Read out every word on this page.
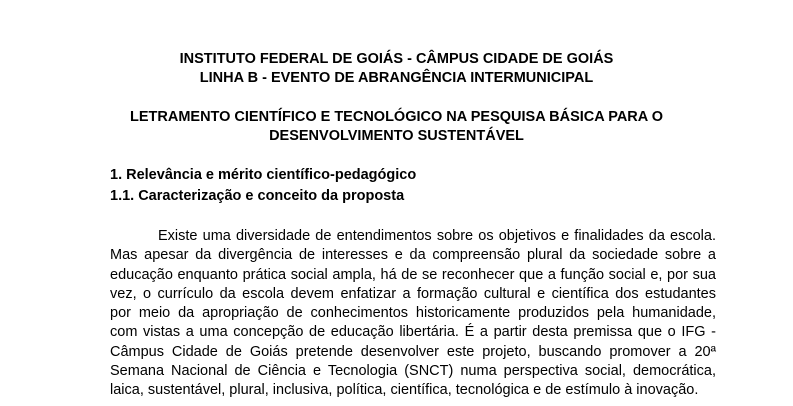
INSTITUTO FEDERAL DE GOIÁS - CÂMPUS CIDADE DE GOIÁS
LINHA B - EVENTO DE ABRANGÊNCIA INTERMUNICIPAL
LETRAMENTO CIENTÍFICO E TECNOLÓGICO NA PESQUISA BÁSICA PARA O
DESENVOLVIMENTO SUSTENTÁVEL
1. Relevância e mérito científico-pedagógico
1.1. Caracterização e conceito da proposta
Existe uma diversidade de entendimentos sobre os objetivos e finalidades da escola.
Mas apesar da divergência de interesses e da compreensão plural da sociedade sobre a
educação enquanto prática social ampla, há de se reconhecer que a função social e, por sua
vez, o currículo da escola devem enfatizar a formação cultural e científica dos estudantes
por meio da apropriação de conhecimentos historicamente produzidos pela humanidade,
com vistas a uma concepção de educação libertária. É a partir desta premissa que o IFG -
Câmpus Cidade de Goiás pretende desenvolver este projeto, buscando promover a 20ª
Semana Nacional de Ciência e Tecnologia (SNCT) numa perspectiva social, democrática,
laica, sustentável, plural, inclusiva, política, científica, tecnológica e de estímulo à inovação.
